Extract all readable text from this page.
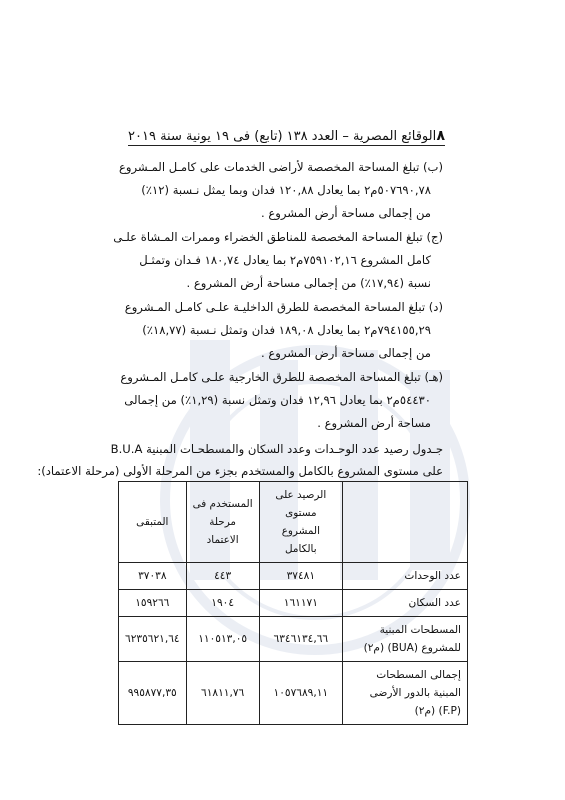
٨
الوقائع المصرية – العدد ١٣٨ (تابع) فى ١٩ يونية سنة ٢٠١٩
(ب) تبلغ المساحة المخصصة لأراضى الخدمات على كامـل المـشروع
٥٠٧٦٩٠,٧٨م٢ بما يعادل ١٢٠,٨٨ فدان وبما يمثل نـسبة (١٢٪)
من إجمالى مساحة أرض المشروع .
(ج) تبلغ المساحة المخصصة للمناطق الخضراء وممرات المـشاة علـى
كامل المشروع ٧٥٩١٠٢,١٦م٢ بما يعادل ١٨٠,٧٤ فـدان وتمثـل
نسبة (١٧,٩٤٪) من إجمالى مساحة أرض المشروع .
(د) تبلغ المساحة المخصصة للطرق الداخليـة علـى كامـل المـشروع
٧٩٤١٥٥,٢٩م٢ بما يعادل ١٨٩,٠٨ فدان وتمثل نـسبة (١٨,٧٧٪)
من إجمالى مساحة أرض المشروع .
(هـ) تبلغ المساحة المخصصة للطرق الخارجية علـى كامـل المـشروع
٥٤٤٣٠م٢ بما يعادل ١٢,٩٦ فدان وتمثل نسبة (١,٢٩٪) من إجمالى
مساحة أرض المشروع .
جـدول رصيد عدد الوحـدات وعدد السكان والمسطحـات المبنية B.U.A
على مستوى المشروع بالكامل والمستخدم بجزء من المرحلة الأولى (مرحلة الاعتماد):
	الرصيد على مستوى المشروع بالكامل	المستخدم فى مرحلة الاعتماد	المتبقى
عدد الوحدات	٣٧٤٨١	٤٤٣	٣٧٠٣٨
عدد السكان	١٦١١٧١	١٩٠٤	١٥٩٢٦٦
المسطحات المبنية للمشروع (BUA) (م٢)	٦٣٤٦١٣٤,٦٦	١١٠٥١٣,٠٥	٦٢٣٥٦٢١,٦٤
إجمالى المسطحات المبنية بالدور الأرضى (F.P) (م٢)	١٠٥٧٦٨٩,١١	٦١٨١١,٧٦	٩٩٥٨٧٧,٣٥
